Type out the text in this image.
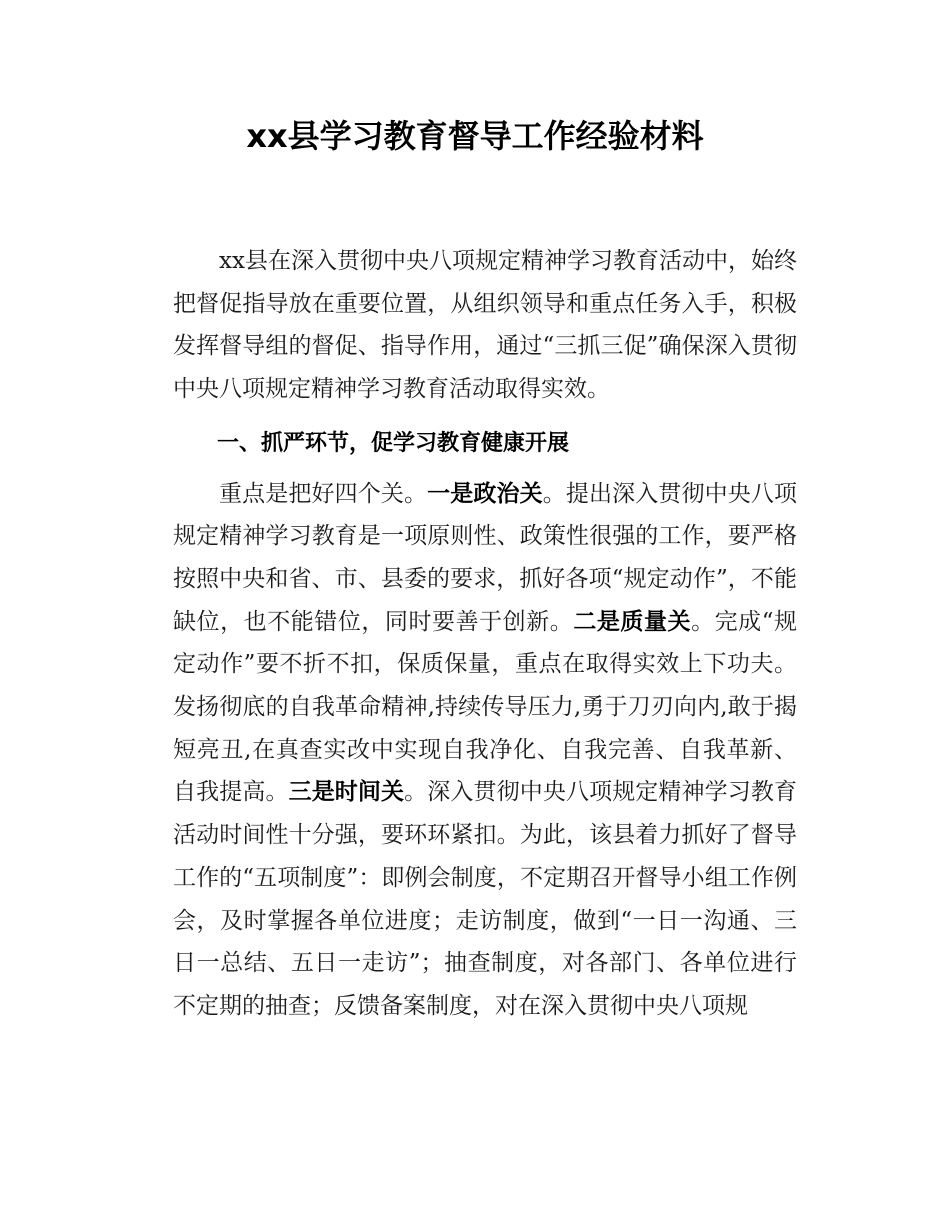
xx县学习教育督导工作经验材料

xx县在深入贯彻中央八项规定精神学习教育活动中，始终把督促指导放在重要位置，从组织领导和重点任务入手，积极发挥督导组的督促、指导作用，通过“三抓三促”确保深入贯彻中央八项规定精神学习教育活动取得实效。

一、抓严环节，促学习教育健康开展

重点是把好四个关。一是政治关。提出深入贯彻中央八项规定精神学习教育是一项原则性、政策性很强的工作，要严格按照中央和省、市、县委的要求，抓好各项“规定动作”，不能缺位，也不能错位，同时要善于创新。二是质量关。完成“规定动作”要不折不扣，保质保量，重点在取得实效上下功夫。发扬彻底的自我革命精神,持续传导压力,勇于刀刃向内,敢于揭短亮丑,在真查实改中实现自我净化、自我完善、自我革新、自我提高。三是时间关。深入贯彻中央八项规定精神学习教育活动时间性十分强，要环环紧扣。为此，该县着力抓好了督导工作的“五项制度”：即例会制度，不定期召开督导小组工作例会，及时掌握各单位进度；走访制度，做到“一日一沟通、三日一总结、五日一走访”；抽查制度，对各部门、各单位进行不定期的抽查；反馈备案制度，对在深入贯彻中央八项规
